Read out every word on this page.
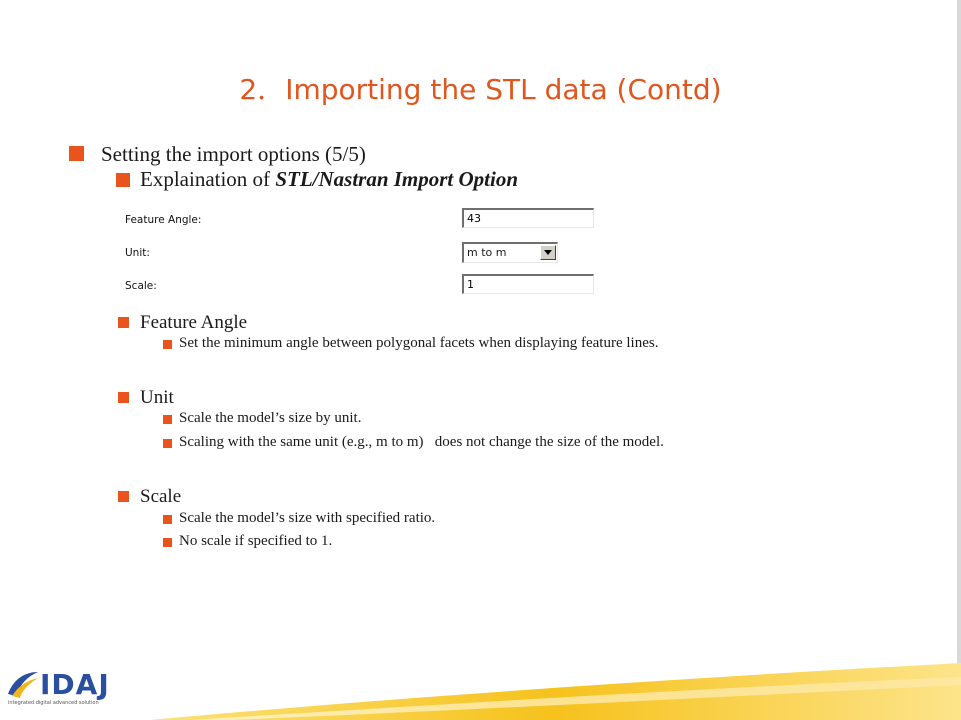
2．Importing the STL data (Contd)
Setting the import options (5/5)
Explaination of STL/Nastran Import Option
Feature Angle:	43
Unit:	m to m
Scale:	1
Feature Angle
Set the minimum angle between polygonal facets when displaying feature lines.
Unit
Scale the model’s size by unit.
Scaling with the same unit (e.g., m to m)   does not change the size of the model.
Scale
Scale the model’s size with specified ratio.
No scale if specified to 1.
IDAJ
integrated digital advanced solution
